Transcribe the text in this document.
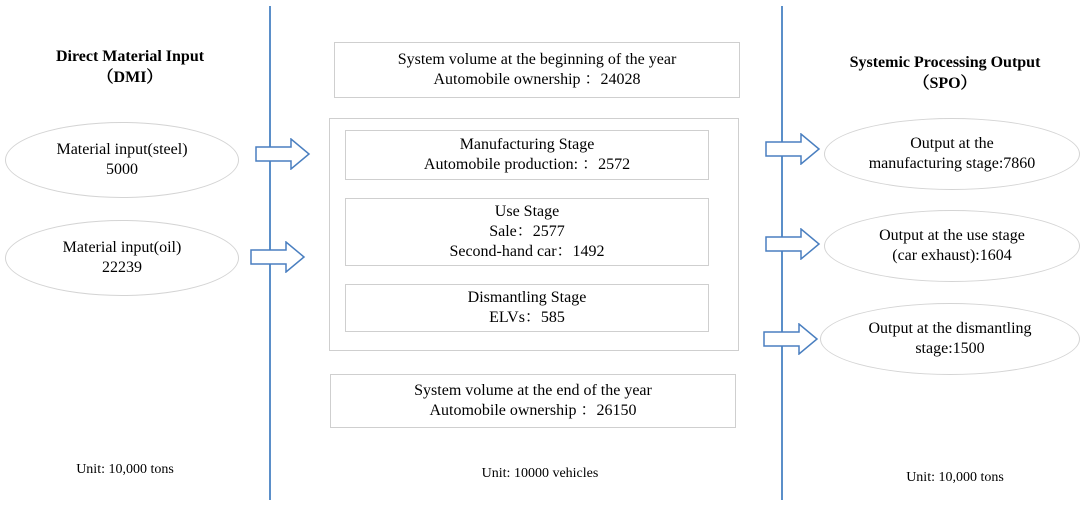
Direct Material Input
（DMI）
Material input(steel)
5000
Material input(oil)
22239
Unit: 10,000 tons
System volume at the beginning of the year
Automobile ownership ：24028
Manufacturing Stage
Automobile production: ：2572
Use Stage
Sale：2577
Second-hand car：1492
Dismantling Stage
ELVs：585
System volume at the end of the year
Automobile ownership ：26150
Unit: 10000 vehicles
Systemic Processing Output
（SPO）
Output at the
manufacturing stage:7860
Output at the use stage
(car exhaust):1604
Output at the dismantling
stage:1500
Unit: 10,000 tons
